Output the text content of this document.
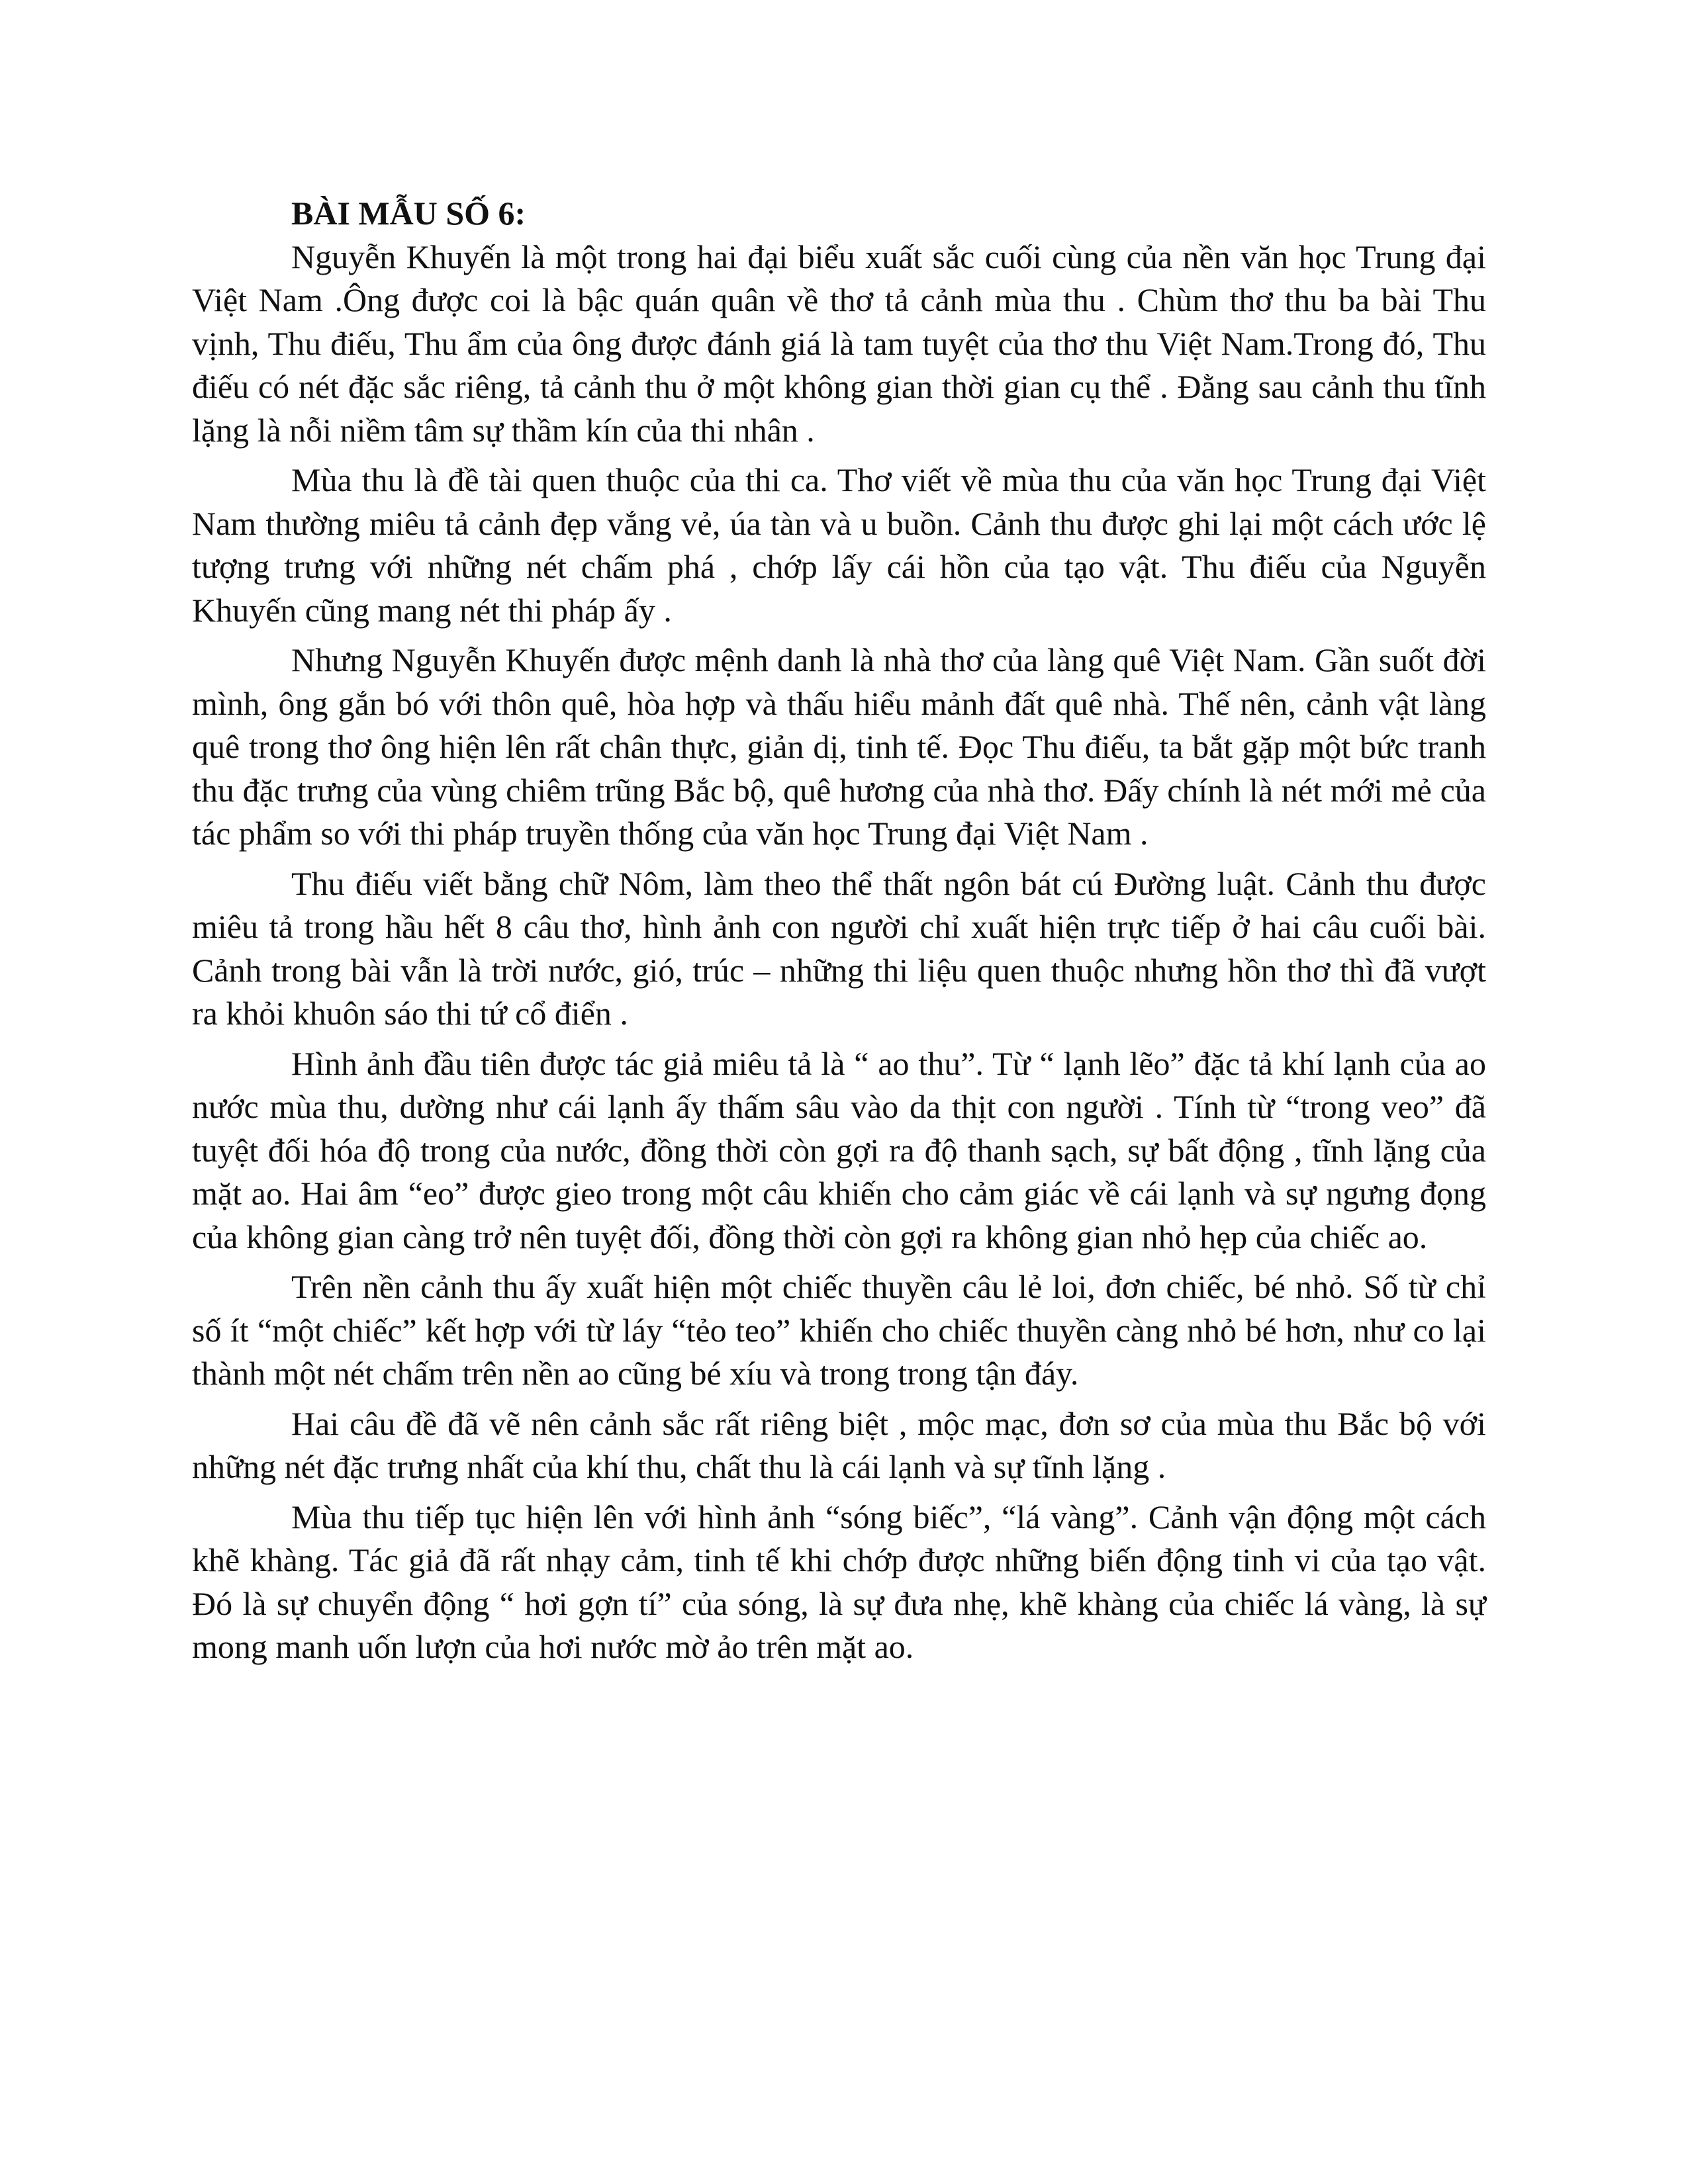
BÀI MẪU SỐ 6:

Nguyễn Khuyến là một trong hai đại biểu xuất sắc cuối cùng của nền văn học Trung đại Việt Nam .Ông được coi là bậc quán quân về thơ tả cảnh mùa thu . Chùm thơ thu ba bài Thu vịnh, Thu điếu, Thu ẩm của ông được đánh giá là tam tuyệt của thơ thu Việt Nam.Trong đó, Thu điếu có nét đặc sắc riêng, tả cảnh thu ở một không gian thời gian cụ thể . Đằng sau cảnh thu tĩnh lặng là nỗi niềm tâm sự thầm kín của thi nhân .

Mùa thu là đề tài quen thuộc của thi ca. Thơ viết về mùa thu của văn học Trung đại Việt Nam thường miêu tả cảnh đẹp vắng vẻ, úa tàn và u buồn. Cảnh thu được ghi lại một cách ước lệ tượng trưng với những nét chấm phá , chớp lấy cái hồn của tạo vật. Thu điếu của Nguyễn Khuyến cũng mang nét thi pháp ấy .

Nhưng Nguyễn Khuyến được mệnh danh là nhà thơ của làng quê Việt Nam. Gần suốt đời mình, ông gắn bó với thôn quê, hòa hợp và thấu hiểu mảnh đất quê nhà. Thế nên, cảnh vật làng quê trong thơ ông hiện lên rất chân thực, giản dị, tinh tế. Đọc Thu điếu, ta bắt gặp một bức tranh thu đặc trưng của vùng chiêm trũng Bắc bộ, quê hương của nhà thơ. Đấy chính là nét mới mẻ của tác phẩm so với thi pháp truyền thống của văn học Trung đại Việt Nam .

Thu điếu viết bằng chữ Nôm, làm theo thể thất ngôn bát cú Đường luật. Cảnh thu được miêu tả trong hầu hết 8 câu thơ, hình ảnh con người chỉ xuất hiện trực tiếp ở hai câu cuối bài. Cảnh trong bài vẫn là trời nước, gió, trúc – những thi liệu quen thuộc nhưng hồn thơ thì đã vượt ra khỏi khuôn sáo thi tứ cổ điển .

Hình ảnh đầu tiên được tác giả miêu tả là “ ao thu”. Từ “ lạnh lẽo” đặc tả khí lạnh của ao nước mùa thu, dường như cái lạnh ấy thấm sâu vào da thịt con người . Tính từ “trong veo” đã tuyệt đối hóa độ trong của nước, đồng thời còn gợi ra độ thanh sạch, sự bất động , tĩnh lặng của mặt ao. Hai âm “eo” được gieo trong một câu khiến cho cảm giác về cái lạnh và sự ngưng đọng của không gian càng trở nên tuyệt đối, đồng thời còn gợi ra không gian nhỏ hẹp của chiếc ao.

Trên nền cảnh thu ấy xuất hiện một chiếc thuyền câu lẻ loi, đơn chiếc, bé nhỏ. Số từ chỉ số ít “một chiếc” kết hợp với từ láy “tẻo teo” khiến cho chiếc thuyền càng nhỏ bé hơn, như co lại thành một nét chấm trên nền ao cũng bé xíu và trong trong tận đáy.

Hai câu đề đã vẽ nên cảnh sắc rất riêng biệt , mộc mạc, đơn sơ của mùa thu Bắc bộ với những nét đặc trưng nhất của khí thu, chất thu là cái lạnh và sự tĩnh lặng .

Mùa thu tiếp tục hiện lên với hình ảnh “sóng biếc”, “lá vàng”. Cảnh vận động một cách khẽ khàng. Tác giả đã rất nhạy cảm, tinh tế khi chớp được những biến động tinh vi của tạo vật. Đó là sự chuyển động “ hơi gợn tí” của sóng, là sự đưa nhẹ, khẽ khàng của chiếc lá vàng, là sự mong manh uốn lượn của hơi nước mờ ảo trên mặt ao.
